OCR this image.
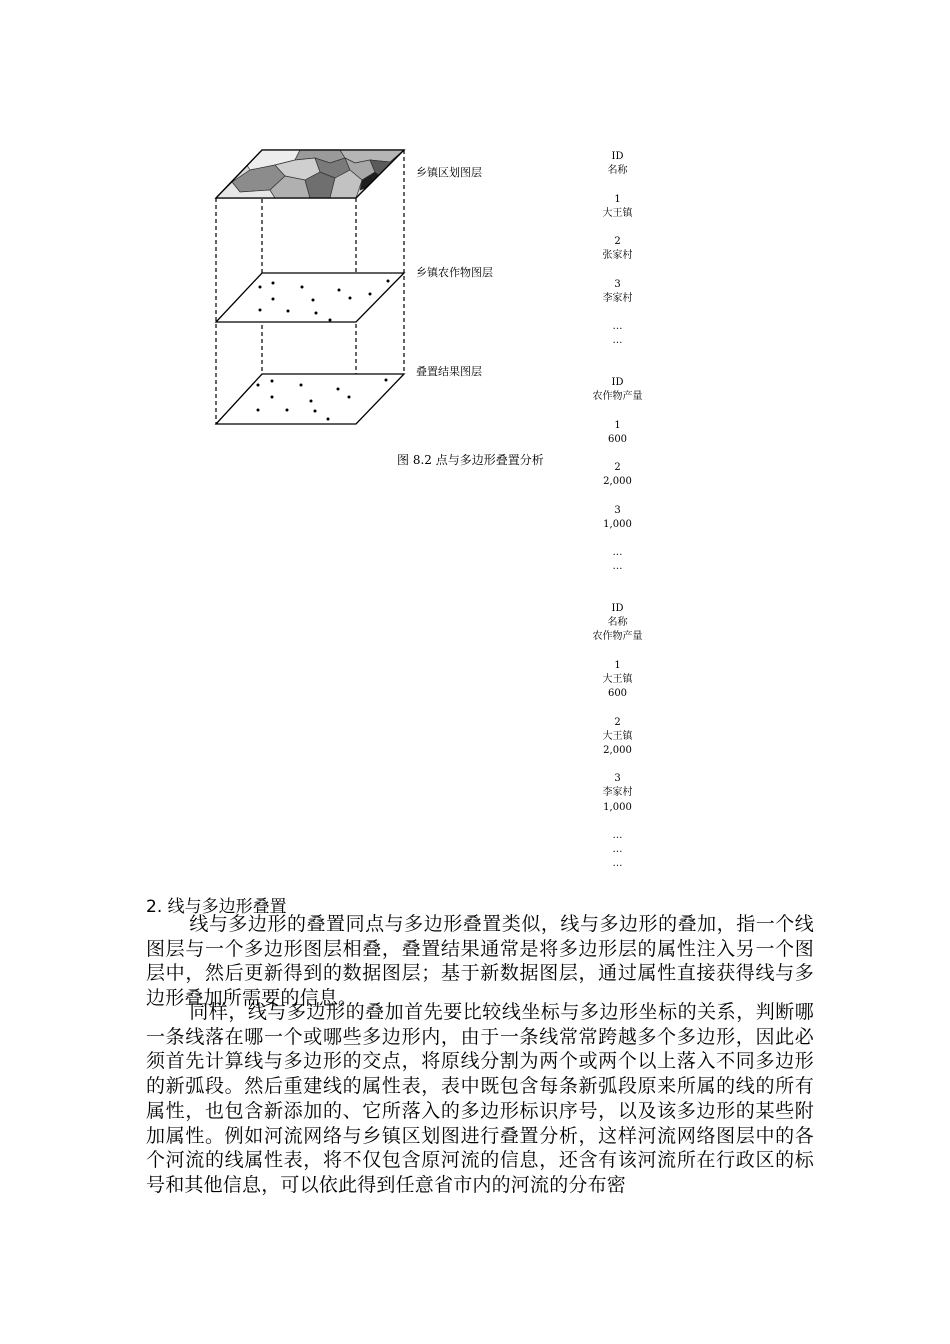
乡镇区划图层
乡镇农作物图层
叠置结果图层
图 8.2 点与多边形叠置分析
ID
名称
1
大王镇
2
张家村
3
李家村
…
…
ID
农作物产量
1
600
2
2,000
3
1,000
…
…
ID
名称
农作物产量
1
大王镇
600
2
大王镇
2,000
3
李家村
1,000
…
…
…
2. 线与多边形叠置
线与多边形的叠置同点与多边形叠置类似，线与多边形的叠加，指一个线图层与一个多边形图层相叠，叠置结果通常是将多边形层的属性注入另一个图层中，然后更新得到的数据图层；基于新数据图层，通过属性直接获得线与多边形叠加所需要的信息。
同样，线与多边形的叠加首先要比较线坐标与多边形坐标的关系，判断哪一条线落在哪一个或哪些多边形内，由于一条线常常跨越多个多边形，因此必须首先计算线与多边形的交点，将原线分割为两个或两个以上落入不同多边形的新弧段。然后重建线的属性表，表中既包含每条新弧段原来所属的线的所有属性，也包含新添加的、它所落入的多边形标识序号，以及该多边形的某些附加属性。例如河流网络与乡镇区划图进行叠置分析，这样河流网络图层中的各个河流的线属性表，将不仅包含原河流的信息，还含有该河流所在行政区的标号和其他信息，可以依此得到任意省市内的河流的分布密
